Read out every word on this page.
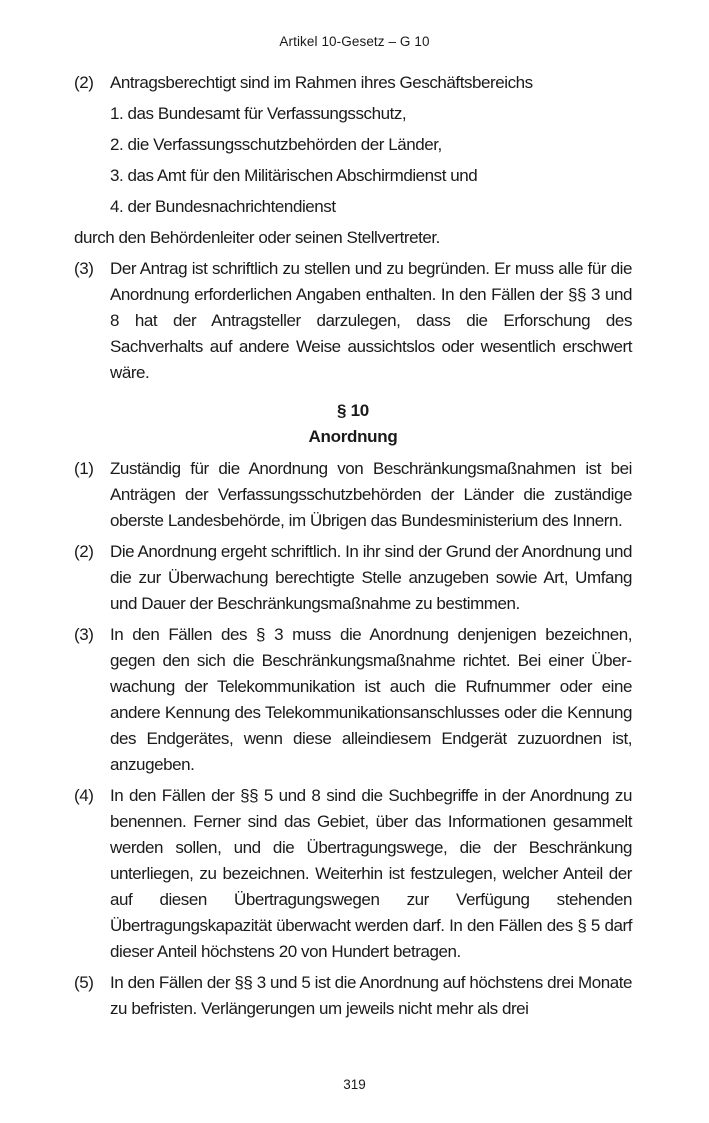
Artikel 10-Gesetz – G 10
(2) Antragsberechtigt sind im Rahmen ihres Geschäftsbereichs
1. das Bundesamt für Verfassungsschutz,
2. die Verfassungsschutzbehörden der Länder,
3. das Amt für den Militärischen Abschirmdienst und
4. der Bundesnachrichtendienst
durch den Behördenleiter oder seinen Stellvertreter.
(3) Der Antrag ist schriftlich zu stellen und zu begründen. Er muss alle für die Anordnung erforderlichen Angaben enthalten. In den Fällen der §§ 3 und 8 hat der Antragsteller darzulegen, dass die Erforschung des Sachverhalts auf andere Weise aussichtslos oder wesentlich erschwert wäre.
§ 10
Anordnung
(1) Zuständig für die Anordnung von Beschränkungsmaßnahmen ist bei Anträgen der Verfassungsschutzbehörden der Länder die zuständige oberste Landesbehörde, im Übrigen das Bundesministerium des Innern.
(2) Die Anordnung ergeht schriftlich. In ihr sind der Grund der Anordnung und die zur Überwachung berechtigte Stelle anzugeben sowie Art, Umfang und Dauer der Beschränkungsmaßnahme zu bestimmen.
(3) In den Fällen des § 3 muss die Anordnung denjenigen bezeichnen, gegen den sich die Beschränkungsmaßnahme richtet. Bei einer Überwachung der Telekommunikation ist auch die Rufnummer oder eine andere Kennung des Telekommunikationsanschlusses oder die Kennung des Endgerätes, wenn diese alleindiesem Endgerät zuzuordnen ist, anzugeben.
(4) In den Fällen der §§ 5 und 8 sind die Suchbegriffe in der Anordnung zu benennen. Ferner sind das Gebiet, über das Informationen gesammelt werden sollen, und die Übertragungswege, die der Beschränkung unterliegen, zu bezeichnen. Weiterhin ist festzulegen, welcher Anteil der auf diesen Übertragungswegen zur Verfügung stehenden Übertragungskapazität überwacht werden darf. In den Fällen des § 5 darf dieser Anteil höchstens 20 von Hundert betragen.
(5) In den Fällen der §§ 3 und 5 ist die Anordnung auf höchstens drei Monate zu befristen. Verlängerungen um jeweils nicht mehr als drei
319
